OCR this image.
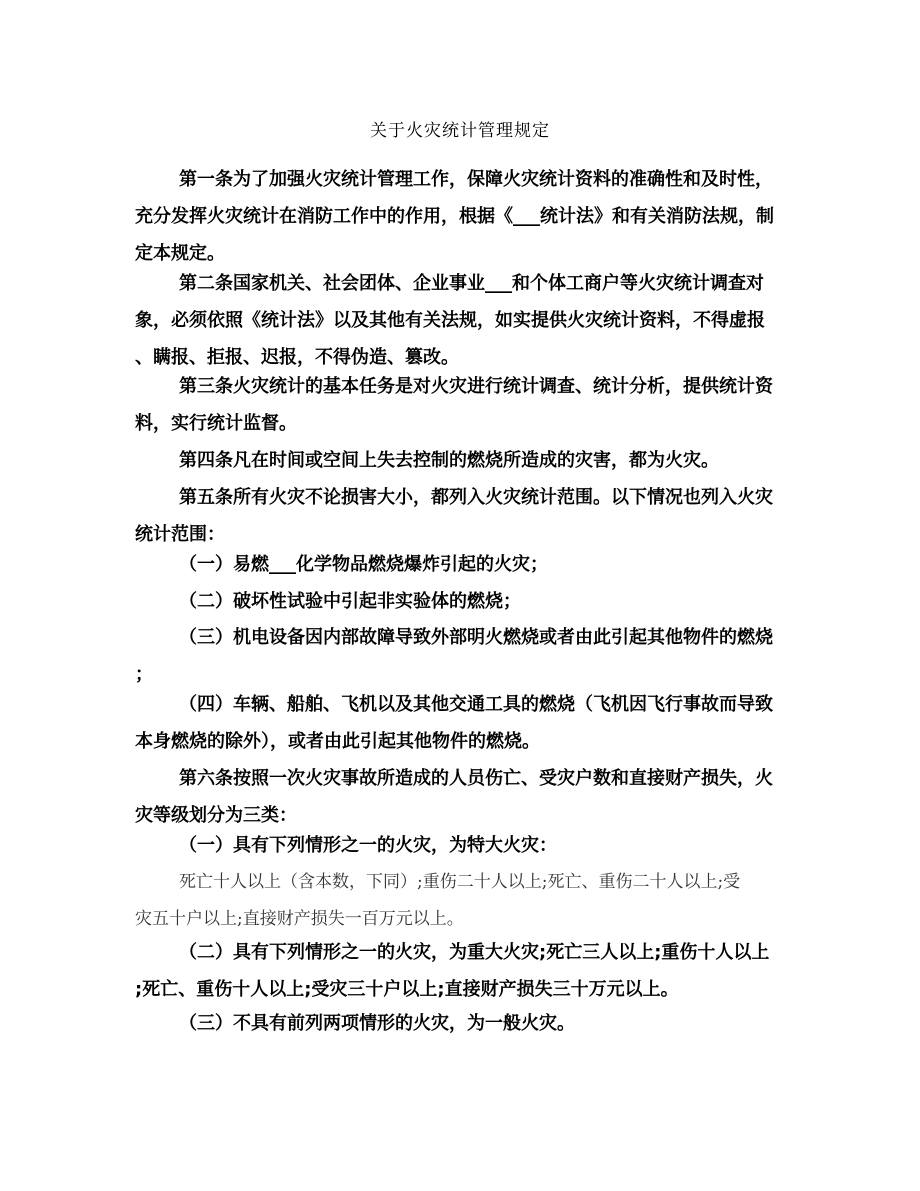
关于火灾统计管理规定
第一条为了加强火灾统计管理工作，保障火灾统计资料的准确性和及时性，
充分发挥火灾统计在消防工作中的作用，根据《___统计法》和有关消防法规，制
定本规定。
第二条国家机关、社会团体、企业事业___和个体工商户等火灾统计调查对
象，必须依照《统计法》以及其他有关法规，如实提供火灾统计资料，不得虚报
、瞒报、拒报、迟报，不得伪造、篡改。
第三条火灾统计的基本任务是对火灾进行统计调查、统计分析，提供统计资
料，实行统计监督。
第四条凡在时间或空间上失去控制的燃烧所造成的灾害，都为火灾。
第五条所有火灾不论损害大小，都列入火灾统计范围。以下情况也列入火灾
统计范围：
（一）易燃___化学物品燃烧爆炸引起的火灾；
（二）破坏性试验中引起非实验体的燃烧；
（三）机电设备因内部故障导致外部明火燃烧或者由此引起其他物件的燃烧
；
（四）车辆、船舶、飞机以及其他交通工具的燃烧（飞机因飞行事故而导致
本身燃烧的除外），或者由此引起其他物件的燃烧。
第六条按照一次火灾事故所造成的人员伤亡、受灾户数和直接财产损失，火
灾等级划分为三类：
（一）具有下列情形之一的火灾，为特大火灾：
死亡十人以上（含本数，下同）;重伤二十人以上;死亡、重伤二十人以上;受
灾五十户以上;直接财产损失一百万元以上。
（二）具有下列情形之一的火灾，为重大火灾;死亡三人以上;重伤十人以上
;死亡、重伤十人以上;受灾三十户以上;直接财产损失三十万元以上。
（三）不具有前列两项情形的火灾，为一般火灾。
